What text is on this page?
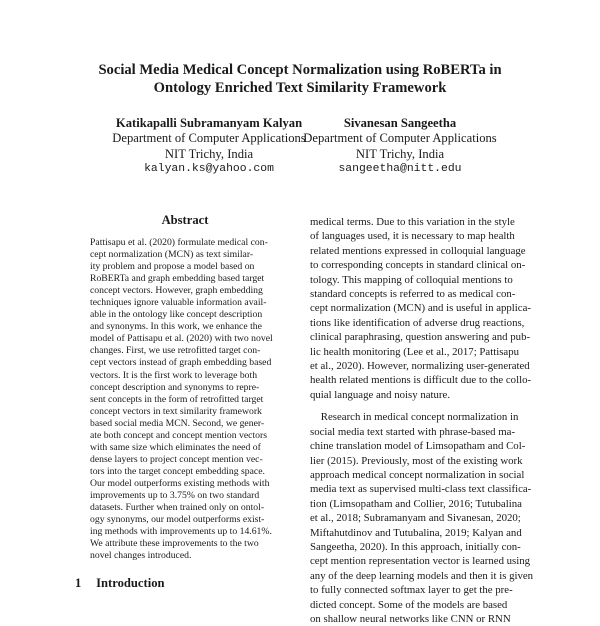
Social Media Medical Concept Normalization using RoBERTa in
Ontology Enriched Text Similarity Framework
Katikapalli Subramanyam Kalyan
Department of Computer Applications
NIT Trichy, India
kalyan.ks@yahoo.com
Sivanesan Sangeetha
Department of Computer Applications
NIT Trichy, India
sangeetha@nitt.edu
Abstract
Pattisapu et al. (2020) formulate medical con-
cept normalization (MCN) as text similar-
ity problem and propose a model based on
RoBERTa and graph embedding based target
concept vectors. However, graph embedding
techniques ignore valuable information avail-
able in the ontology like concept description
and synonyms. In this work, we enhance the
model of Pattisapu et al. (2020) with two novel
changes. First, we use retrofitted target con-
cept vectors instead of graph embedding based
vectors. It is the first work to leverage both
concept description and synonyms to repre-
sent concepts in the form of retrofitted target
concept vectors in text similarity framework
based social media MCN. Second, we gener-
ate both concept and concept mention vectors
with same size which eliminates the need of
dense layers to project concept mention vec-
tors into the target concept embedding space.
Our model outperforms existing methods with
improvements up to 3.75% on two standard
datasets. Further when trained only on ontol-
ogy synonyms, our model outperforms exist-
ing methods with improvements up to 14.61%.
We attribute these improvements to the two
novel changes introduced.
1 Introduction
medical terms. Due to this variation in the style
of languages used, it is necessary to map health
related mentions expressed in colloquial language
to corresponding concepts in standard clinical on-
tology. This mapping of colloquial mentions to
standard concepts is referred to as medical con-
cept normalization (MCN) and is useful in applica-
tions like identification of adverse drug reactions,
clinical paraphrasing, question answering and pub-
lic health monitoring (Lee et al., 2017; Pattisapu
et al., 2020). However, normalizing user-generated
health related mentions is difficult due to the collo-
quial language and noisy nature.
Research in medical concept normalization in
social media text started with phrase-based ma-
chine translation model of Limsopatham and Col-
lier (2015). Previously, most of the existing work
approach medical concept normalization in social
media text as supervised multi-class text classifica-
tion (Limsopatham and Collier, 2016; Tutubalina
et al., 2018; Subramanyam and Sivanesan, 2020;
Miftahutdinov and Tutubalina, 2019; Kalyan and
Sangeetha, 2020). In this approach, initially con-
cept mention representation vector is learned using
any of the deep learning models and then it is given
to fully connected softmax layer to get the pre-
dicted concept. Some of the models are based
on shallow neural networks like CNN or RNN
